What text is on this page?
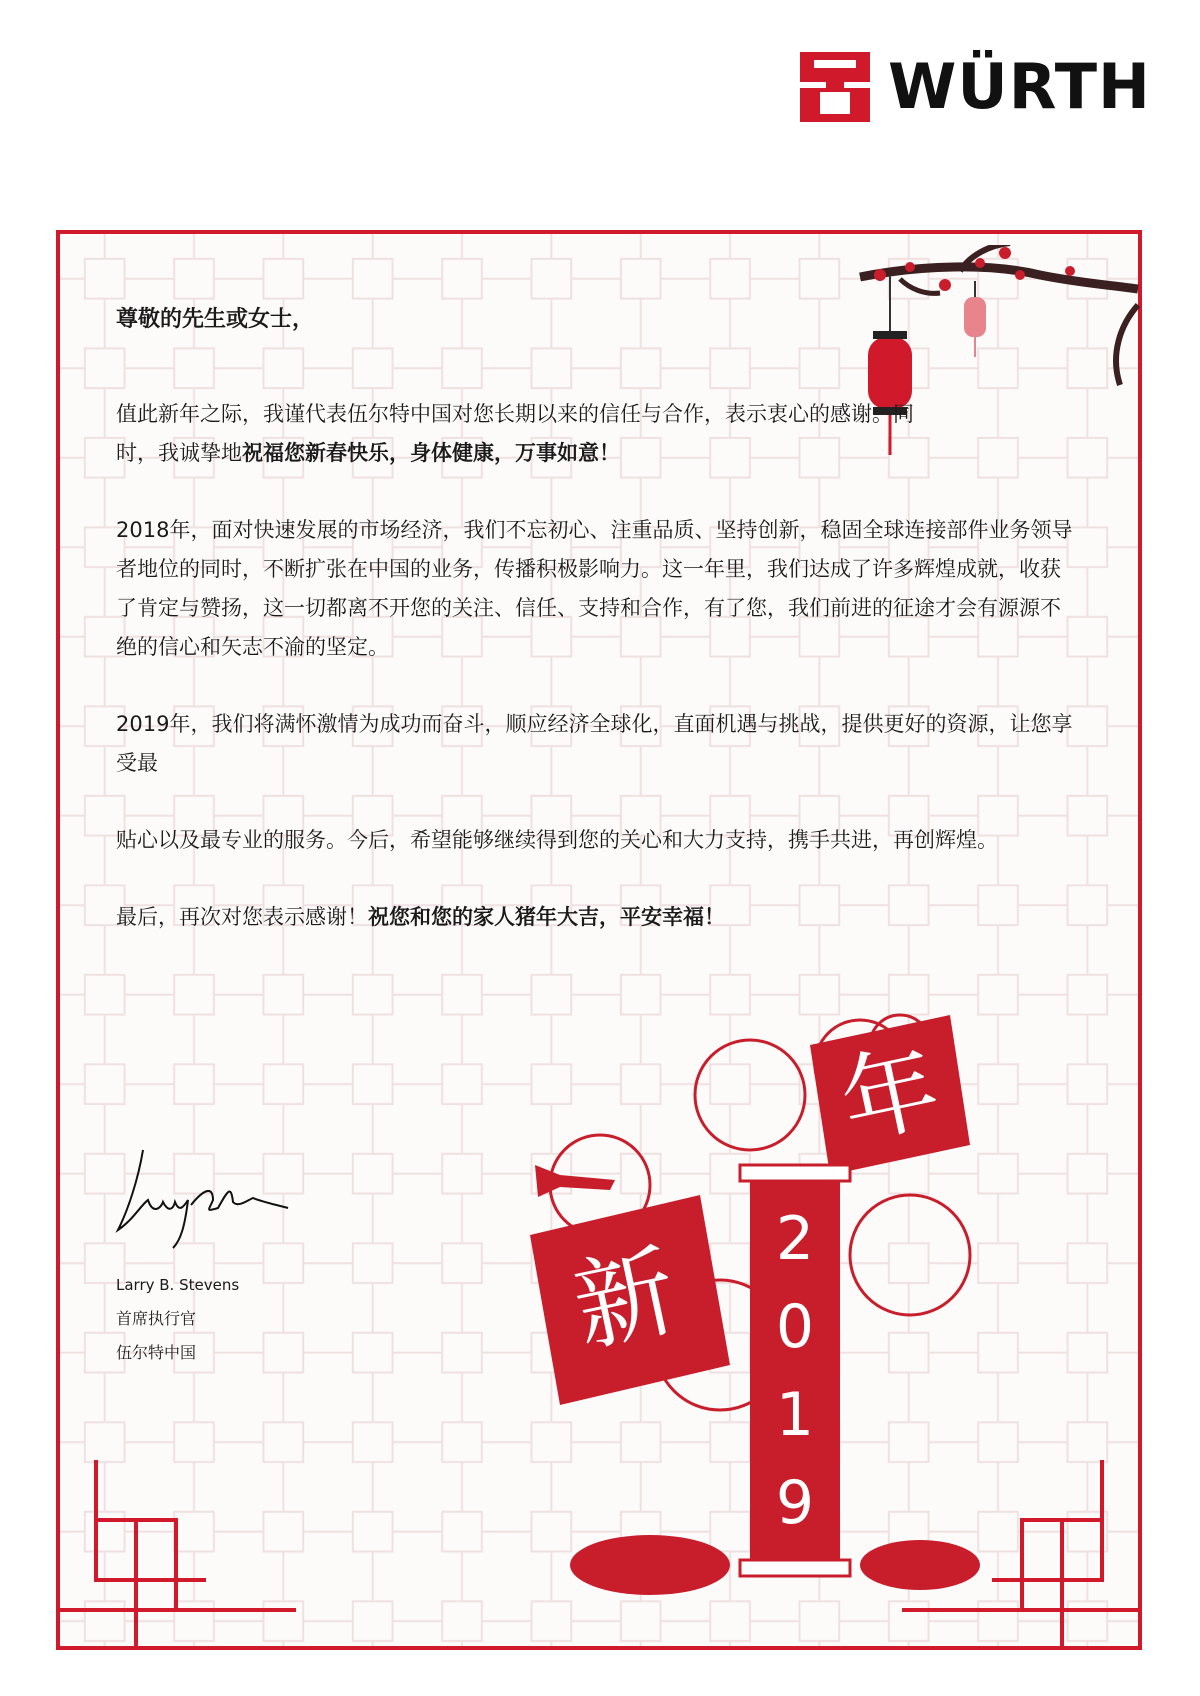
WÜRTH

尊敬的先生或女士，

值此新年之际，我谨代表伍尔特中国对您长期以来的信任与合作，表示衷心的感谢。同时，我诚挚地祝福您新春快乐，身体健康，万事如意！

2018年，面对快速发展的市场经济，我们不忘初心、注重品质、坚持创新，稳固全球连接部件业务领导者地位的同时，不断扩张在中国的业务，传播积极影响力。这一年里，我们达成了许多辉煌成就，收获了肯定与赞扬，这一切都离不开您的关注、信任、支持和合作，有了您，我们前进的征途才会有源源不绝的信心和矢志不渝的坚定。

2019年，我们将满怀激情为成功而奋斗，顺应经济全球化，直面机遇与挑战，提供更好的资源，让您享受最

贴心以及最专业的服务。今后，希望能够继续得到您的关心和大力支持，携手共进，再创辉煌。

最后，再次对您表示感谢！祝您和您的家人猪年大吉，平安幸福！

Larry B. Stevens
首席执行官
伍尔特中国
年
新 2019
